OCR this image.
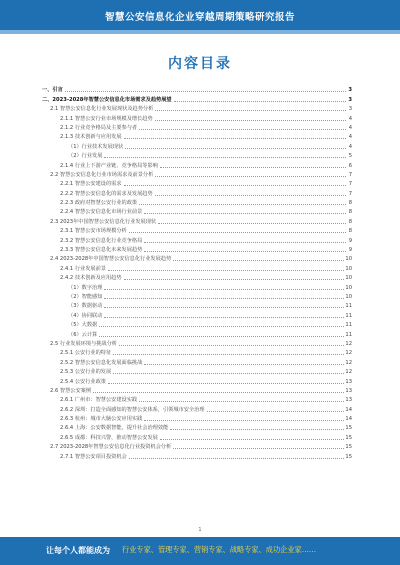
智慧公安信息化企业穿越周期策略研究报告
内容目录
一、引言	3
二、2023-2028年智慧公安信息化市场需求及趋势展望	3
2.1 智慧公安信息化行业发展现状及趋势分析	3
2.1.1 智慧公安行业市场规模及增长趋势	4
2.1.2 行业竞争格局及主要参与者	4
2.1.3 技术创新与应用发展	4
（1）行业技术发展现状	4
（2）行业发展	5
2.1.4 行业上下游产业链、竞争格局等影响	6
2.2 智慧公安信息化行业市场需求及前景分析	7
2.2.1 智慧公安建设的需求	7
2.2.2 智慧公安信息化的需求及发展趋势	7
2.2.3 政府对智慧公安行业的政策	8
2.2.4 智慧公安信息化市场行业前景	8
2.3 2023年中国智慧公安信息化行业发展现状	8
2.3.1 智慧公安市场规模分析	8
2.3.2 智慧公安信息化行业竞争格局	9
2.3.3 智慧公安信息化未来发展趋势	9
2.4 2023-2028年中国智慧公安信息化行业发展趋势	10
2.4.1 行业发展前景	10
2.4.2 技术创新及应用趋势	10
（1）数字治理	10
（2）智能感知	10
（3）数据驱动	11
（4）协同联动	11
（5）大数据	11
（6）云计算	11
2.5 行业发展环境与挑战分析	12
2.5.1 公安行业的特征	12
2.5.2 智慧公安信息化发展面临挑战	12
2.5.3 公安行业的发展	12
2.5.4 公安行业政策	13
2.6 智慧公安案例	13
2.6.1 广州市：智慧公安建设实践	13
2.6.2 深圳：打造全面感知的智慧公安体系，引领城市安全治理	14
2.6.3 杭州：城市大脑公安应用实践	14
2.6.4 上海：公安数据智能，提升社会治理效能	15
2.6.5 成都：科技兴警，推动智慧公安发展	15
2.7 2023-2028年智慧公安信息化行业投资机会分析	15
2.7.1 智慧公安项目投资机会	15
1
让每个人都能成为 行业专家、管理专家、营销专家、战略专家、成功企业家……
